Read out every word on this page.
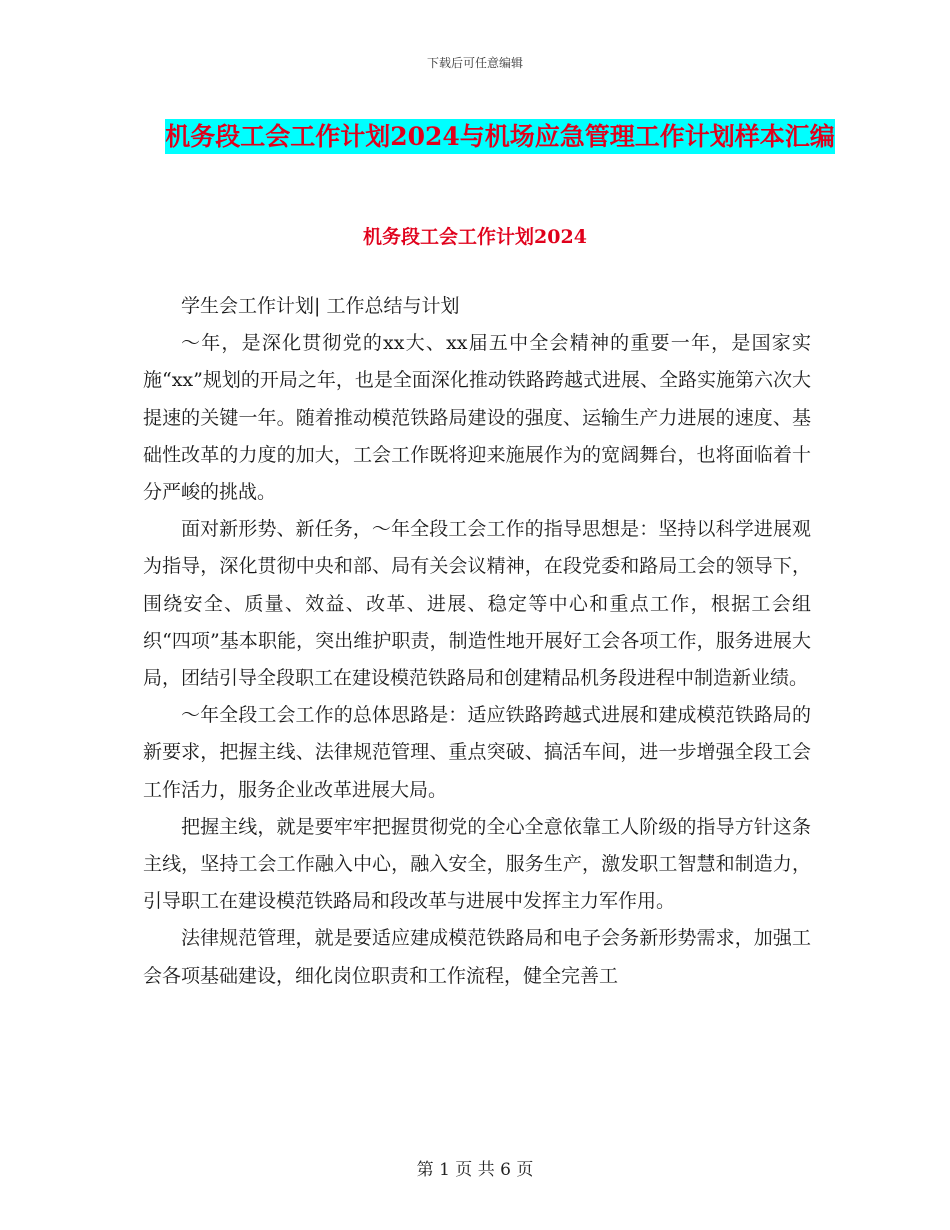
下载后可任意编辑
机务段工会工作计划2024与机场应急管理工作计划样本汇编
机务段工会工作计划2024

学生会工作计划| 工作总结与计划

～年，是深化贯彻党的xx大、xx届五中全会精神的重要一年，是国家实施“xx”规划的开局之年，也是全面深化推动铁路跨越式进展、全路实施第六次大提速的关键一年。随着推动模范铁路局建设的强度、运输生产力进展的速度、基础性改革的力度的加大，工会工作既将迎来施展作为的宽阔舞台，也将面临着十分严峻的挑战。

面对新形势、新任务，～年全段工会工作的指导思想是：坚持以科学进展观为指导，深化贯彻中央和部、局有关会议精神，在段党委和路局工会的领导下，围绕安全、质量、效益、改革、进展、稳定等中心和重点工作，根据工会组织“四项”基本职能，突出维护职责，制造性地开展好工会各项工作，服务进展大局，团结引导全段职工在建设模范铁路局和创建精品机务段进程中制造新业绩。

～年全段工会工作的总体思路是：适应铁路跨越式进展和建成模范铁路局的新要求，把握主线、法律规范管理、重点突破、搞活车间，进一步增强全段工会工作活力，服务企业改革进展大局。

把握主线，就是要牢牢把握贯彻党的全心全意依靠工人阶级的指导方针这条主线，坚持工会工作融入中心，融入安全，服务生产，激发职工智慧和制造力，引导职工在建设模范铁路局和段改革与进展中发挥主力军作用。

法律规范管理，就是要适应建成模范铁路局和电子会务新形势需求，加强工会各项基础建设，细化岗位职责和工作流程，健全完善工

第 1 页 共 6 页
